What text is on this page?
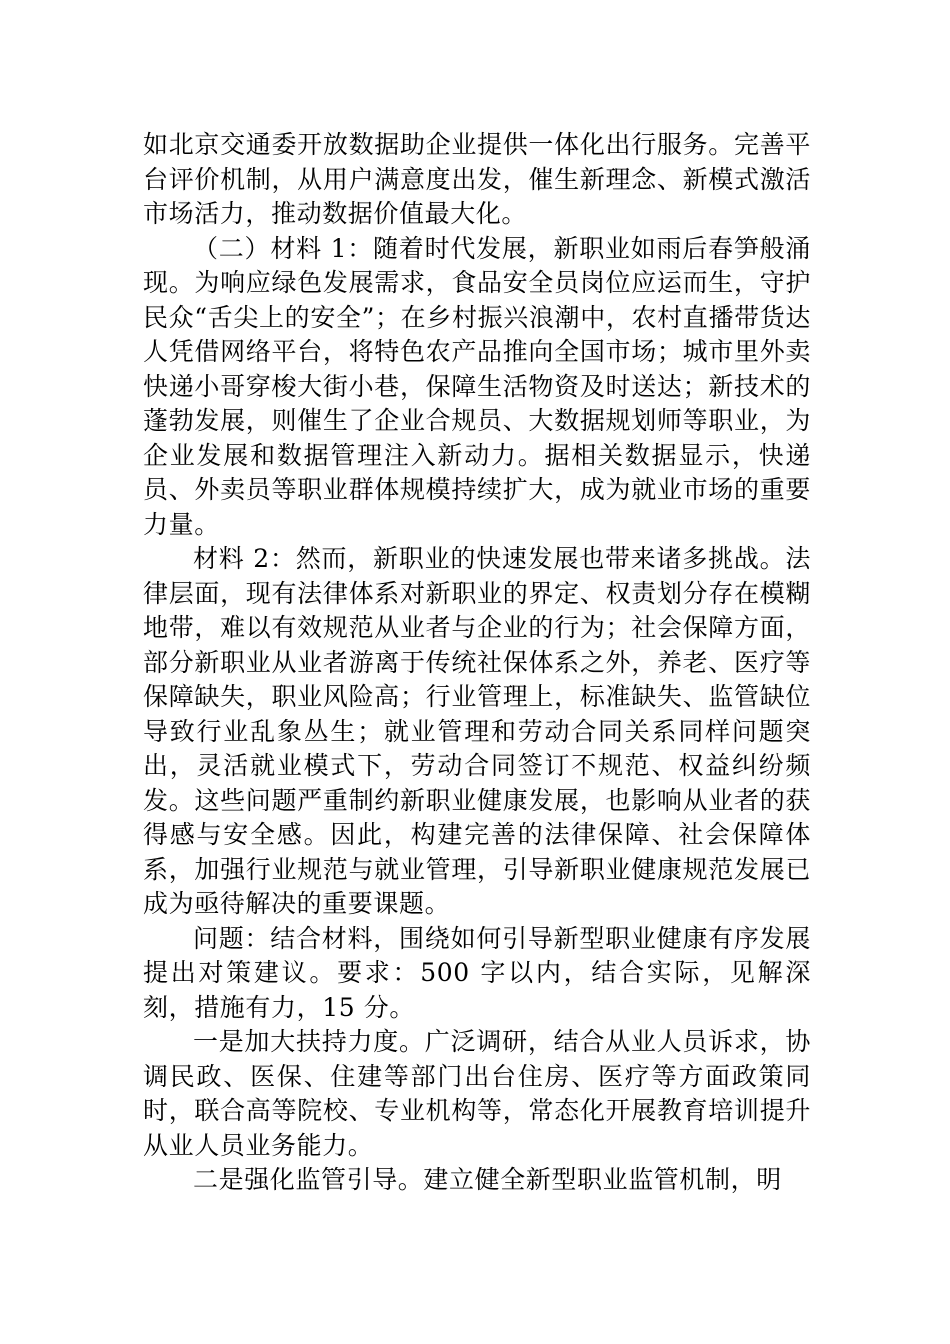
如北京交通委开放数据助企业提供一体化出行服务。完善平台评价机制，从用户满意度出发，催生新理念、新模式激活市场活力，推动数据价值最大化。

（二）材料 1：随着时代发展，新职业如雨后春笋般涌现。为响应绿色发展需求，食品安全员岗位应运而生，守护民众“舌尖上的安全”；在乡村振兴浪潮中，农村直播带货达人凭借网络平台，将特色农产品推向全国市场；城市里外卖快递小哥穿梭大街小巷，保障生活物资及时送达；新技术的蓬勃发展，则催生了企业合规员、大数据规划师等职业，为企业发展和数据管理注入新动力。据相关数据显示，快递员、外卖员等职业群体规模持续扩大，成为就业市场的重要力量。

材料 2：然而，新职业的快速发展也带来诸多挑战。法律层面，现有法律体系对新职业的界定、权责划分存在模糊地带，难以有效规范从业者与企业的行为；社会保障方面，部分新职业从业者游离于传统社保体系之外，养老、医疗等保障缺失，职业风险高；行业管理上，标准缺失、监管缺位导致行业乱象丛生；就业管理和劳动合同关系同样问题突出，灵活就业模式下，劳动合同签订不规范、权益纠纷频发。这些问题严重制约新职业健康发展，也影响从业者的获得感与安全感。因此，构建完善的法律保障、社会保障体系，加强行业规范与就业管理，引导新职业健康规范发展已成为亟待解决的重要课题。

问题：结合材料，围绕如何引导新型职业健康有序发展提出对策建议。要求：500 字以内，结合实际，见解深刻，措施有力，15 分。

一是加大扶持力度。广泛调研，结合从业人员诉求，协调民政、医保、住建等部门出台住房、医疗等方面政策同时，联合高等院校、专业机构等，常态化开展教育培训提升从业人员业务能力。

二是强化监管引导。建立健全新型职业监管机制，明
